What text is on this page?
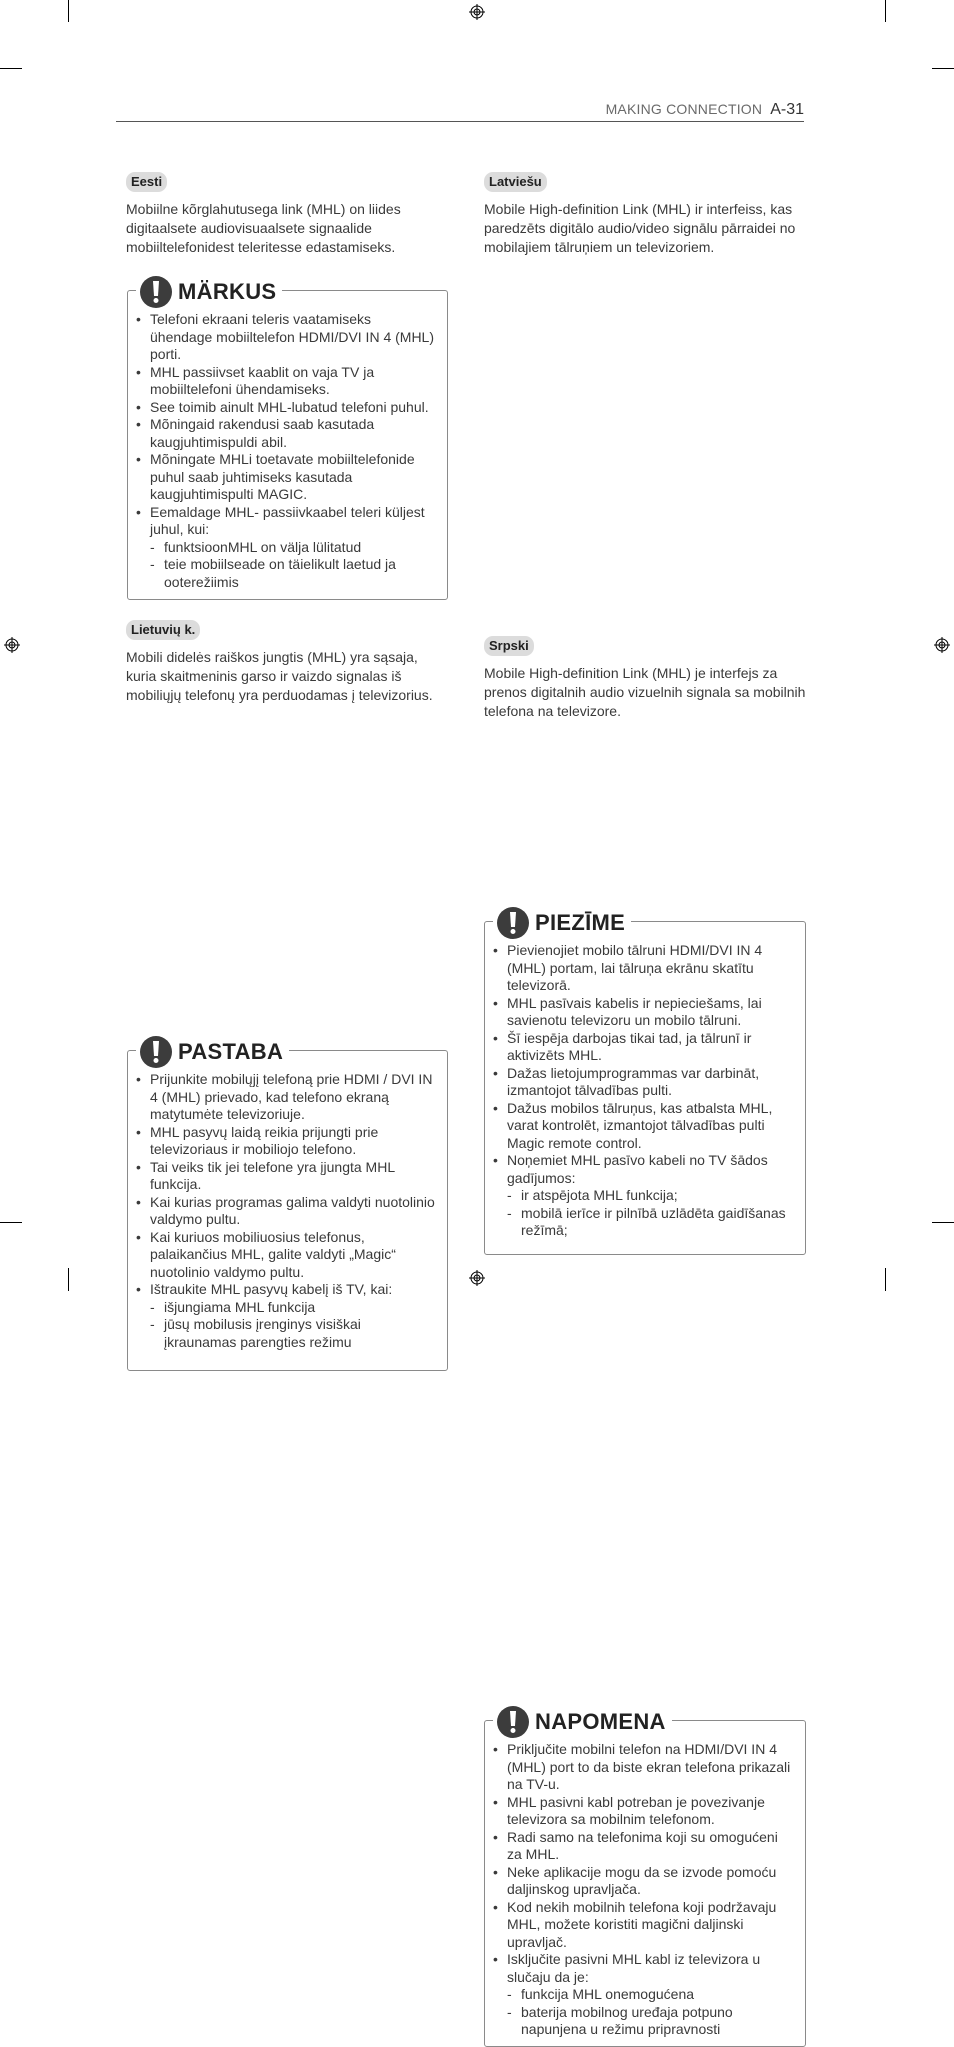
MAKING CONNECTION A-31
Eesti

Mobiilne kõrglahutusega link (MHL) on liides digitaalsete audiovisuaalsete signaalide mobiiltelefonidest teleritesse edastamiseks.

MÄRKUS
• Telefoni ekraani teleris vaatamiseks ühendage mobiiltelefon HDMI/DVI IN 4 (MHL) porti.
• MHL passiivset kaablit on vaja TV ja mobiiltelefoni ühendamiseks.
• See toimib ainult MHL-lubatud telefoni puhul.
• Mõningaid rakendusi saab kasutada kaugjuhtimispuldi abil.
• Mõningate MHLi toetavate mobiiltelefonide puhul saab juhtimiseks kasutada kaugjuhtimispulti MAGIC.
• Eemaldage MHL- passiivkaabel teleri küljest juhul, kui:
- funktsioonMHL on välja lülitatud
- teie mobiilseade on täielikult laetud ja ooterežiimis
Lietuvių k.

Mobili didelės raiškos jungtis (MHL) yra sąsaja, kuria skaitmeninis garso ir vaizdo signalas iš mobiliųjų telefonų yra perduodamas į televizorius.

PASTABA
• Prijunkite mobilųjį telefoną prie HDMI / DVI IN 4 (MHL) prievado, kad telefono ekraną matytumėte televizoriuje.
• MHL pasyvų laidą reikia prijungti prie televizoriaus ir mobiliojo telefono.
• Tai veiks tik jei telefone yra įjungta MHL funkcija.
• Kai kurias programas galima valdyti nuotolinio valdymo pultu.
• Kai kuriuos mobiliuosius telefonus, palaikančius MHL, galite valdyti „Magic“ nuotolinio valdymo pultu.
• Ištraukite MHL pasyvų kabelį iš TV, kai:
- išjungiama MHL funkcija
- jūsų mobilusis įrenginys visiškai įkraunamas parengties režimu
Latviešu

Mobile High-definition Link (MHL) ir interfeiss, kas paredzēts digitālo audio/video signālu pārraidei no mobilajiem tālruņiem un televizoriem.

PIEZĪME
• Pievienojiet mobilo tālruni HDMI/DVI IN 4 (MHL) portam, lai tālruņa ekrānu skatītu televizorā.
• MHL pasīvais kabelis ir nepieciešams, lai savienotu televizoru un mobilo tālruni.
• Šī iespēja darbojas tikai tad, ja tālrunī ir aktivizēts MHL.
• Dažas lietojumprogrammas var darbināt, izmantojot tālvadības pulti.
• Dažus mobilos tālruņus, kas atbalsta MHL, varat kontrolēt, izmantojot tālvadības pulti Magic remote control.
• Noņemiet MHL pasīvo kabeli no TV šādos gadījumos:
- ir atspējota MHL funkcija;
- mobilā ierīce ir pilnībā uzlādēta gaidīšanas režīmā;
Srpski

Mobile High-definition Link (MHL) je interfejs za prenos digitalnih audio vizuelnih signala sa mobilnih telefona na televizore.

NAPOMENA
• Priključite mobilni telefon na HDMI/DVI IN 4 (MHL) port to da biste ekran telefona prikazali na TV-u.
• MHL pasivni kabl potreban je povezivanje televizora sa mobilnim telefonom.
• Radi samo na telefonima koji su omogućeni za MHL.
• Neke aplikacije mogu da se izvode pomoću daljinskog upravljača.
• Kod nekih mobilnih telefona koji podržavaju MHL, možete koristiti magični daljinski upravljač.
• Isključite pasivni MHL kabl iz televizora u slučaju da je:
- funkcija MHL onemogućena
- baterija mobilnog uređaja potpuno napunjena u režimu pripravnosti
